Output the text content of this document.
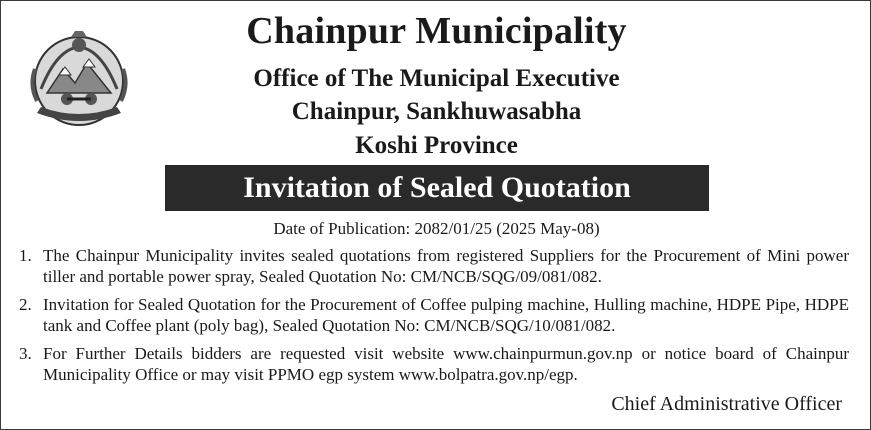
Chainpur Municipality
Office of The Municipal Executive
Chainpur, Sankhuwasabha
Koshi Province
Invitation of Sealed Quotation
Date of Publication: 2082/01/25 (2025 May-08)
1. The Chainpur Municipality invites sealed quotations from registered Suppliers for the Procurement of Mini power tiller and portable power spray, Sealed Quotation No: CM/NCB/SQG/09/081/082.
2. Invitation for Sealed Quotation for the Procurement of Coffee pulping machine, Hulling machine, HDPE Pipe, HDPE tank and Coffee plant (poly bag), Sealed Quotation No: CM/NCB/SQG/10/081/082.
3. For Further Details bidders are requested visit website www.chainpurmun.gov.np or notice board of Chainpur Municipality Office or may visit PPMO egp system www.bolpatra.gov.np/egp.
Chief Administrative Officer
